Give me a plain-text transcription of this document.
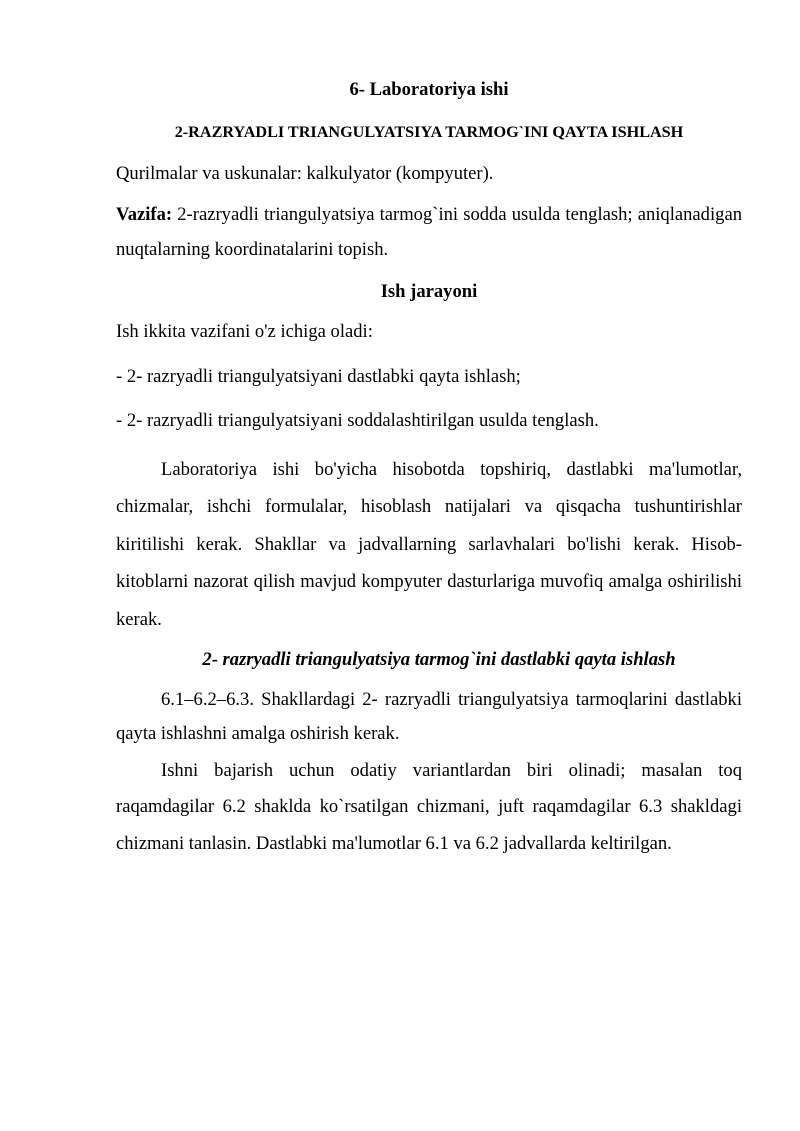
6- Laboratoriya ishi

2-RAZRYADLI TRIANGULYATSIYA TARMOG`INI QAYTA ISHLASH

Qurilmalar va uskunalar: kalkulyator (kompyuter).

Vazifa: 2-razryadli triangulyatsiya tarmog`ini sodda usulda tenglash; aniqlanadigan nuqtalarning koordinatalarini topish.

Ish jarayoni

Ish ikkita vazifani o'z ichiga oladi:

- 2- razryadli triangulyatsiyani dastlabki qayta ishlash;

- 2- razryadli triangulyatsiyani soddalashtirilgan usulda tenglash.

Laboratoriya ishi bo'yicha hisobotda topshiriq, dastlabki ma'lumotlar, chizmalar, ishchi formulalar, hisoblash natijalari va qisqacha tushuntirishlar kiritilishi kerak. Shakllar va jadvallarning sarlavhalari bo'lishi kerak. Hisob-kitoblarni nazorat qilish mavjud kompyuter dasturlariga muvofiq amalga oshirilishi kerak.

2- razryadli triangulyatsiya tarmog`ini dastlabki qayta ishlash

6.1–6.2–6.3. Shakllardagi 2- razryadli triangulyatsiya tarmoqlarini dastlabki qayta ishlashni amalga oshirish kerak.

Ishni bajarish uchun odatiy variantlardan biri olinadi; masalan toq raqamdagilar 6.2 shaklda ko`rsatilgan chizmani, juft raqamdagilar 6.3 shakldagi chizmani tanlasin. Dastlabki ma'lumotlar 6.1 va 6.2 jadvallarda keltirilgan.
